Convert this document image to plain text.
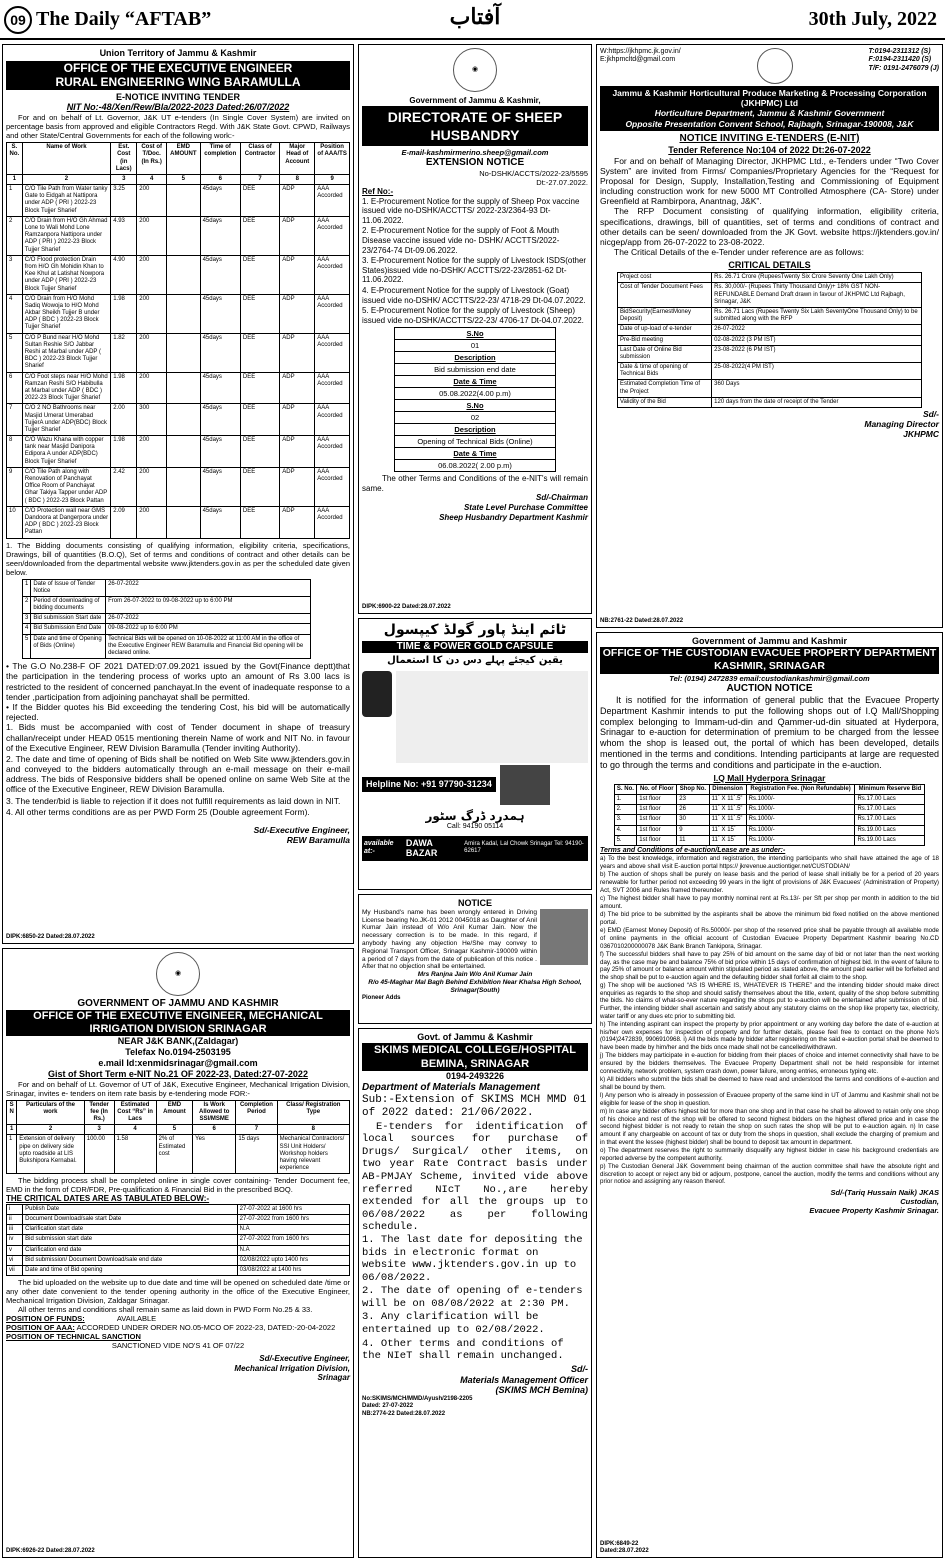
09 The Daily “AFTAB”	آفتاب	30th July, 2022
Union Territory of Jammu & Kashmir
OFFICE OF THE EXECUTIVE ENGINEER
RURAL ENGINEERING WING BARAMULLA
E-NOTICE INVITING TENDER
NIT No:-48/Xen/Rew/Bla/2022-2023 Dated:26/07/2022
For and on behalf of Lt. Governor, J&K UT e-tenders (In Single Cover System) are invited on percentage basis from approved and eligible Contractors Regd. With J&K State Govt. CPWD, Railways and other State/Central Governments for each of the following work:-
S. No.	Name of Work	Est. Cost (in Lacs)	Cost of T/Doc. (In Rs.)	EMD AMOUNT	Time of completion	Class of Contractor	Major Head of Account	Position of AAA/TS
1	2	3	4	5	6	7	8	9
1	C/O Tile Path from Water tanky Gate to Eidgah at Nattipora under ADP ( PRI ) 2022-23 Block Tujjer Sharief	3.25	200		45days	DEE	ADP	AAA Accorded
2	C/O Drain from H/O Gh Ahmad Lone to Wali Mohd Lone Ramzanpora Nattipora under ADP ( PRI ) 2022-23 Block Tujjer Sharief	4.93	200		45days	DEE	ADP	AAA Accorded
3	C/O Flood protection Drain from H/O Gh Mohidin Khan to Kee Khul at Latishat Nowpora under ADP ( PRI ) 2022-23 Block Tujjer Sharief	4.90	200		45days	DEE	ADP	AAA Accorded
4	C/O Drain from H/O Mohd Sadiq Wowoja to H/O Mohd Akbar Sheikh Tujjer B under ADP ( BDC ) 2022-23 Block Tujjer Sharief	1.98	200		45days	DEE	ADP	AAA Accorded
5	C/O P Bund near H/O Mohd Sultan Reshie S/O Jabbar Reshi at Marbal under ADP ( BDC ) 2022-23 Block Tujjer Sharief	1.82	200		45days	DEE	ADP	AAA Accorded
6	C/O Foot steps near H/O Mohd Ramzan Reshi S/O Habibulla at Marbal under ADP ( BDC ) 2022-23 Block Tujjer Sharief	1.98	200		45days	DEE	ADP	AAA Accorded
7	C/O 2 NO Bathrooms near Masjid Umerat Umerabad TujjerA under ADP(BDC) Block Tujjer Sharief	2.00	300		45days	DEE	ADP	AAA Accorded
8	C/O Wazu Khana with copper tank near Masjid Danipora Edipora A under ADP(BDC) Block Tujjer Sharief	1.98	200		45days	DEE	ADP	AAA Accorded
9	C/O Tile Path along with Renovation of Panchayat Office Room of Panchayat Ghar Takiya Tapper under ADP ( BDC ) 2022-23 Block Pattan	2.42	200		45days	DEE	ADP	AAA Accorded
10	C/O Protection wall near GMS Dandoora at Dangerpora under ADP ( BDC ) 2022-23 Block Pattan	2.09	200		45days	DEE	ADP	AAA Accorded
1. The Bidding documents consisting of qualifying information, eligibility criteria, specifications, Drawings, bill of quantities (B.O.Q), Set of terms and conditions of contract and other details can be seen/downloaded from the departmental website www.jktenders.gov.in as per the scheduled date given below.
1	Date of Issue of Tender Notice	26-07-2022
2	Period of downloading of bidding documents	From 26-07-2022 to 09-08-2022 up to 6:00 PM
3	Bid submission Start date	26-07-2022
4	Bid Submission End Date	09-08-2022 up to 6:00 PM
5	Date and time of Opening of Bids (Online)	Technical Bids will be opened on 10-08-2022 at 11:00 AM in the office of the Executive Engineer REW Baramulla and Financial Bid opening will be declared online.
• The G.O No.238-F OF 2021 DATED:07.09.2021 issued by the Govt(Finance deptt)that the participation in the tendering process of works upto an amount of Rs 3.00 lacs is restricted to the resident of concerned panchayat.In the event of inadequate response to a tender ,participation from adjoining panchayat shall be permitted.
• If the Bidder quotes his Bid exceeding the tendering Cost, his bid will be automatically rejected.
1. Bids must be accompanied with cost of Tender document in shape of treasury challan/receipt under HEAD 0515 mentioning therein Name of work and NIT No. in favour of the Executive Engineer, REW Division Baramulla (Tender inviting Authority).
2. The date and time of opening of Bids shall be notified on Web Site www.jktenders.gov.in and conveyed to the bidders automatically through an e-mail message on their e-mail address. The bids of Responsive bidders shall be opened online on same Web Site at the office of the Executive Engineer, REW Division Baramulla.
3. The tender/bid is liable to rejection if it does not fulfill requirements as laid down in NIT.
4. All other terms conditions are as per PWD Form 25 (Double agreement Form).
Sd/-Executive Engineer,
REW Baramulla
DIPK:6850-22 Dated:28.07.2022
◉
GOVERNMENT OF JAMMU AND KASHMIR
OFFICE OF THE EXECUTIVE ENGINEER, MECHANICAL IRRIGATION DIVISION SRINAGAR
NEAR J&K BANK,(Zaldagar)
Telefax No.0194-2503195
e.mail Id:xenmidsrinagar@gmail.com
Gist of Short Term e-NIT No.21 OF 2022-23, Dated:27-07-2022
For and on behalf of Lt. Governor of UT of J&K, Executive Engineer, Mechanical Irrigation Division, Srinagar, invites e- tenders on item rate basis by e-tendering mode FOR:-
S N	Particulars of the work	Tender fee (In Rs.)	Estimated Cost “Rs” in Lacs	EMD Amount	Is Work Allowed to SSI/MSME	Completion Period	Class/ Registration Type
1	2	3	4	5	6	7	8
1	Extension of delivery pipe on delivery side upto roadside at LIS Bukshipora Kernabal.	100.00	1.58	2% of Estimated cost	Yes	15 days	Mechanical Contractors/ SSI Unit Holders/ Workshop holders having relevant experience
The bidding process shall be completed online in single cover containing- Tender Document fee, EMD in the form of CDR/FDR, Pre-qualification & Financial Bid in the prescribed BOQ.
THE CRITICAL DATES ARE AS TABULATED BELOW:-
i	Publish Date	27-07-2022 at 1600 hrs
ii	Document Download/sale start Date	27-07-2022 from 1600 hrs
iii	Clarification start date	N.A
iv	Bid submission start date	27-07-2022 from 1600 hrs
v	Clarification end date	N.A
vi	Bid submission/ Document Download/sale end date	02/08/2022 upto 1400 hrs
vii	Date and time of Bid opening	03/08/2022 at 1400 hrs
The bid uploaded on the website up to due date and time will be opened on scheduled date /time or any other date convenient to the tender opening authority in the office of the Executive Engineer, Mechanical Irrigation Division, Zaldagar Srinagar.
All other terms and conditions shall remain same as laid down in PWD Form No.25 & 33.
POSITION OF FUNDS:	AVAILABLE
POSITION OF AAA: ACCORDED UNDER ORDER NO.05-MCO OF 2022-23, DATED:-20-04-2022
POSITION OF TECHNICAL SANCTION
SANCTIONED VIDE NO'S 41 OF 07/22
Sd/-Executive Engineer,
Mechanical Irrigation Division,
Srinagar
DIPK:6926-22 Dated:28.07.2022
◉
Government of Jammu & Kashmir,
DIRECTORATE OF SHEEP HUSBANDRY
E-mail-kashmirmerino.sheep@gmail.com
EXTENSION NOTICE
No-DSHK/ACCTS/2022-23/5595
Dt:-27.07.2022.
Ref No:-
1. E-Procurement Notice for the supply of Sheep Pox vaccine issued vide no-DSHK/ACCTTS/ 2022-23/2364-93 Dt-11.06.2022.
2. E-Procurement Notice for the supply of Foot & Mouth Disease vaccine issued vide no- DSHK/ ACCTTS/2022-23/2764-74 Dt-09.06.2022.
3. E-Procurement Notice for the supply of Livestock ISDS(other States)issued vide no-DSHK/ ACCTTS/22-23/2851-62 Dt-11.06.2022.
4. E-Procurement Notice for the supply of Livestock (Goat) issued vide no-DSHK/ ACCTTS/22-23/ 4718-29 Dt-04.07.2022.
5. E-Procurement Notice for the supply of Livestock (Sheep) issued vide no-DSHK/ACCTTS/22-23/ 4706-17 Dt-04.07.2022.
S.No
01
Description
Bid submission end date
Date & Time
05.08.2022(4.00 p.m)
S.No
02
Description
Opening of Technical Bids (Online)
Date & Time
06.08.2022( 2.00 p.m)
The other Terms and Conditions of the e-NIT's will remain same.
Sd/-Chairman
State Level Purchase Committee
Sheep Husbandry Department Kashmir
DIPK:6900-22 Dated:28.07.2022
ٹائم اینڈ پاور گولڈ کیپسول
TIME & POWER GOLD CAPSULE
یقین کیجئے پہلے دس دن کا استعمال
Helpline No: +91 97790-31234
ہمدرد ڈرگ سٹور
Call: 94190 05114
available at:-
DAWA BAZAR
Amira Kadal, Lal Chowk Srinagar Tel: 94190-62617
NOTICE
My Husband's name has been wrongly entered in Driving License bearing No.JK-01 2012 0045018 as Daughter of Anil Kumar Jain instead of W/o Anil Kumar Jain. Now the necessary correction is to be made. In this regard, if anybody having any objection He/She may convey to Regional Transport Officer, Srinagar Kashmir-190009 within a period of 7 days from the date of publication of this notice . After that no objection shall be entertained.
Mrs Ranjna Jain W/o Anil Kumar Jain
R/o 45-Maghar Mal Bagh Behind Exhibition Near Khalsa High School, Srinagar(South)
Pioneer Adds
Govt. of Jammu & Kashmir
SKIMS MEDICAL COLLEGE/HOSPITAL BEMINA, SRINAGAR
0194-2493226
Department of Materials Management
Sub:-Extension of SKIMS MCH MMD 01 of 2022 dated: 21/06/2022.
E-tenders for identification of local sources for purchase of Drugs/ Surgical/ other items, on two year Rate Contract basis under AB-PMJAY Scheme, invited vide above referred NIcT No.,are hereby extended for all the groups up to 06/08/2022 as per following schedule.
1. The last date for depositing the bids in electronic format on website www.jktenders.gov.in up to 06/08/2022.
2. The date of opening of e-tenders will be on 08/08/2022 at 2:30 PM.
3. Any clarification will be entertained up to 02/08/2022.
4. Other terms and conditions of the NIeT shall remain unchanged.
Sd/-
Materials Management Officer
(SKIMS MCH Bemina)
No:SKIMS/MCH/MMD/Ayush/2198-2205
Dated: 27-07-2022
NB:2774-22 Dated:28.07.2022
W:https://jkhpmc.jk.gov.in/
E:jkhpmcltd@gmail.com
T:0194-2311312 (S)
F:0194-2311420 (S)
T/F: 0191-2476079 (J)
Jammu & Kashmir Horticultural Produce Marketing & Processing Corporation (JKHPMC) Ltd
Horticulture Department, Jammu & Kashmir Government
Opposite Presentation Convent School, Rajbagh, Srinagar-190008, J&K
NOTICE INVITING E-TENDERS (E-NIT)
Tender Reference No:104 of 2022 Dt:26-07-2022
For and on behalf of Managing Director, JKHPMC Ltd., e-Tenders under “Two Cover System” are invited from Firms/ Companies/Proprietary Agencies for the “Request for Proposal for Design, Supply, Installation,Testing and Commissioning of Equipment including construction work for new 5000 MT Controlled Atmosphere (CA- Store) under Greenfield at Rambirpora, Anantnag, J&K”.
The RFP Document consisting of qualifying information, eligibility criteria, specifications, drawings, bill of quantities, set of terms and conditions of contract and other details can be seen/ downloaded from the JK Govt. website https://jktenders.gov.in/ nicgep/app from 26-07-2022 to 23-08-2022.
The Critical Details of the e-Tender under reference are as follows:
CRITICAL DETAILS
Project cost	Rs. 26.71 Crore (RupeesTwenty Six Crore Seventy One Lakh Only)
Cost of Tender Document Fees	Rs. 30,000/- (Rupees Thirty Thousand Only)+ 18% GST NON-REFUNDABLE Demand Draft drawn in favour of JKHPMC Ltd Rajbagh, Srinagar, J&K
BidSecurity(EarnestMoney Deposit)	Rs. 26.71 Lacs (Rupees Twenty Six Lakh SeventyOne Thousand Only) to be submitted along with the RFP
Date of up-load of e-tender	26-07-2022
Pre-Bid meeting	02-08-2022 (3 PM IST)
Last Date of Online Bid submission	23-08-2022 (6 PM IST)
Date & time of opening of Technical Bids	25-08-2022(4 PM IST)
Estimated Completion Time of the Project	360 Days
Validity of the Bid	120 days from the date of receipt of the Tender
Sd/-
Managing Director
JKHPMC
NB:2761-22 Dated:28.07.2022
Government of Jammu and Kashmir
OFFICE OF THE CUSTODIAN EVACUEE PROPERTY DEPARTMENT KASHMIR, SRINAGAR
Tel: (0194) 2472839 email:custodiankashmir@gmail.com
AUCTION NOTICE
It is notified for the information of general public that the Evacuee Property Department Kashmir intends to put the following shops out of I.Q Mall/Shopping complex belonging to Immam-ud-din and Qammer-ud-din situated at Hyderpora, Srinagar to e-auction for determination of premium to be charged from the lessee whom the shop is leased out, the portal of which has been developed, details mentioned in the terms and conditions. Intending participants at large are requested to go through the terms and conditions and participate in the e-auction.
I.Q Mall Hyderpora Srinagar
S. No.	No. of Floor	Shop No.	Dimension	Registration Fee. (Non Refundable)	Minimum Reserve Bid
1.	1st floor	23	11` X 11`.5”	Rs.1000/-	Rs.17.00 Lacs
2.	1st floor	26	11` X 11`.5”	Rs.1000/-	Rs.17.00 Lacs
3.	1st floor	30	11` X 11`.5”	Rs.1000/-	Rs.17.00 Lacs
4.	1st floor	9	11` X 15`	Rs.1000/-	Rs.19.00 Lacs
5.	1st floor	11	11` X 15`	Rs.1000/-	Rs.19.00 Lacs
Terms and Conditions of e-auction/Lease are as under:-
a) To the best knowledge, information and registration, the intending participants who shall have attained the age of 18 years and above shall visit E-auction portal https:// jkrevenue.auctiontiger.net/CUSTODIAN/
b) The auction of shops shall be purely on lease basis and the period of lease shall initially be for a period of 20 years renewable for further period not exceeding 99 years in the light of provisions of J&K Evacuees' (Administration of Property) Act, SVT 2006 and Rules framed thereunder.
c) The highest bidder shall have to pay monthly nominal rent at Rs.13/- per Sft per shop per month in addition to the bid amount.
d) The bid price to be submitted by the aspirants shall be above the minimum bid fixed notified on the above mentioned portal.
e) EMD (Earnest Money Deposit) of Rs.50000/- per shop of the reserved price shall be payable through all available mode of online payments in the official account of Custodian Evacuee Property Department Kashmir bearing No.CD 0367010200000078 J&K Bank Branch Tankipora, Srinagar.
f) The successful bidders shall have to pay 25% of bid amount on the same day of bid or not later than the next working day, as the case may be and balance 75% of bid price within 15 days of confirmation of highest bid. In the event of failure to pay 25% of amount or balance amount within stipulated period as stated above, the amount paid earlier will be forfeited and the shop shall be put to e-auction again and the defaulting bidder shall forfeit all claim to the shop.
g) The shop will be auctioned “AS IS WHERE IS, WHATEVER IS THERE” and the intending bidder should make direct enquiries as regards to the shop and should satisfy themselves about the title, extent, quality of the shop before submitting the bids. No claims of what-so-ever nature regarding the shops put to e-auction will be entertained after submission of bid. Further, the intending bidder shall ascertain and satisfy about any statutory claims on the shop like property tax, electricity, water tariff or any dues etc prior to submitting bid.
h) The intending aspirant can inspect the property by prior appointment or any working day before the date of e-auction at his/her own expenses for inspection of property and for further details, please feel free to contact on the phone No's (0194)2472839, 9906910968. i) All the bids made by bidder after registering on the said e-auction portal shall be deemed to have been made by him/her and the bids once made shall not be cancelled/withdrawn.
j) The bidders may participate in e-auction for bidding from their places of choice and internet connectivity shall have to be ensured by the bidders themselves. The Evacuee Property Department shall not be held responsible for internet connectivity, network problem, system crash down, power failure, wrong entries, erroneous typing etc.
k) All bidders who submit the bids shall be deemed to have read and understood the terms and conditions of e-auction and shall be bound by them.
l) Any person who is already in possession of Evacuee property of the same kind in UT of Jammu and Kashmir shall not be eligible for lease of the shop in question.
m) In case any bidder offers highest bid for more than one shop and in that case he shall be allowed to retain only one shop of his choice and rest of the shop will be offered to second highest bidders on the highest offered price and in case the second highest bidder is not ready to retain the shop on such rates the shop will be put to e-auction again. n) In case amount if any chargeable on account of tax or duty from the shops in question, shall exclude the charging of premium and in that event the lessee (highest bidder) shall be bound to deposit tax amount in department.
o) The department reserves the right to summarily disqualify any highest bidder in case his background credentials are reported adverse by the competent authority.
p) The Custodian General J&K Government being chairman of the auction committee shall have the absolute right and discretion to accept or reject any bid or adjourn, postpone, cancel the auction, modify the terms and conditions without any prior notice and assigning any reason thereof.
Sd/-(Tariq Hussain Naik) JKAS
Custodian,
Evacuee Property Kashmir Srinagar.
DIPK:6849-22
Dated:28.07.2022
